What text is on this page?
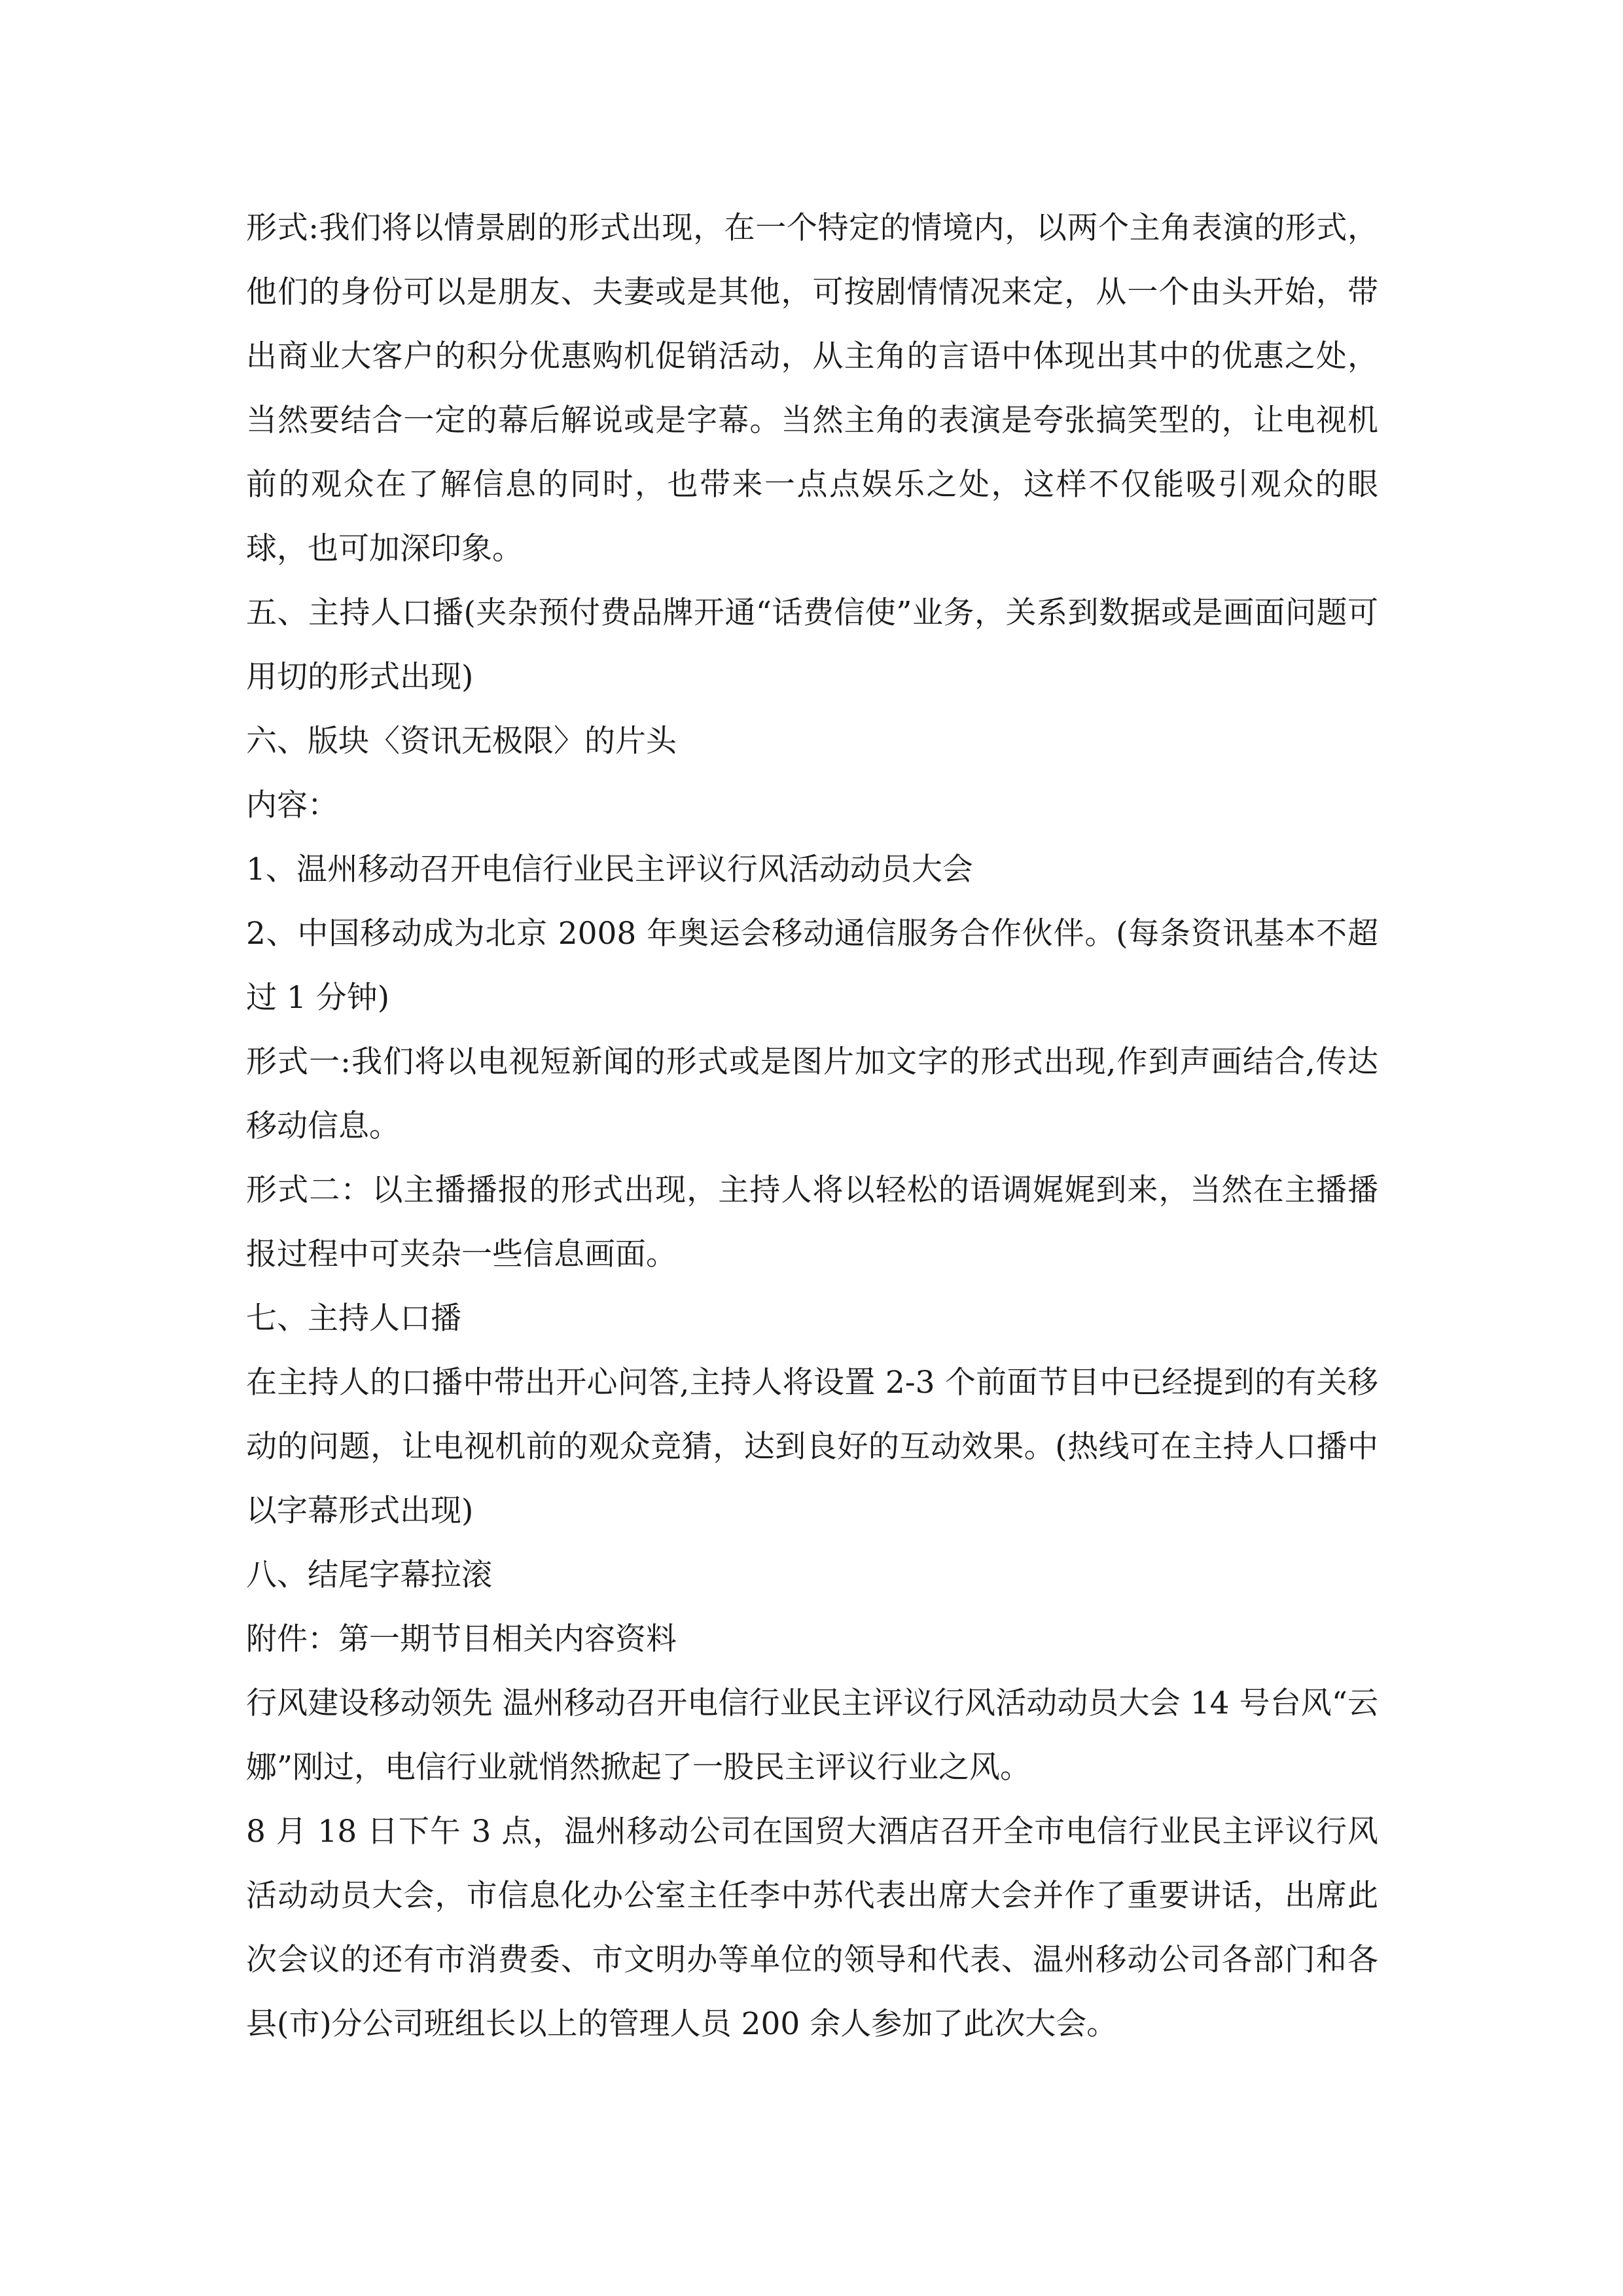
形式:我们将以情景剧的形式出现，在一个特定的情境内，以两个主角表演的形式，他们的身份可以是朋友、夫妻或是其他，可按剧情情况来定，从一个由头开始，带出商业大客户的积分优惠购机促销活动，从主角的言语中体现出其中的优惠之处，当然要结合一定的幕后解说或是字幕。当然主角的表演是夸张搞笑型的，让电视机前的观众在了解信息的同时，也带来一点点娱乐之处，这样不仅能吸引观众的眼球，也可加深印象。

五、主持人口播(夹杂预付费品牌开通“话费信使”业务，关系到数据或是画面问题可用切的形式出现)

六、版块〈资讯无极限〉的片头

内容：

1、温州移动召开电信行业民主评议行风活动动员大会

2、中国移动成为北京 2008 年奥运会移动通信服务合作伙伴。(每条资讯基本不超过 1 分钟)

形式一:我们将以电视短新闻的形式或是图片加文字的形式出现,作到声画结合,传达移动信息。

形式二：以主播播报的形式出现，主持人将以轻松的语调娓娓到来，当然在主播播报过程中可夹杂一些信息画面。

七、主持人口播

在主持人的口播中带出开心问答,主持人将设置 2-3 个前面节目中已经提到的有关移动的问题，让电视机前的观众竞猜，达到良好的互动效果。(热线可在主持人口播中以字幕形式出现)

八、结尾字幕拉滚

附件：第一期节目相关内容资料

行风建设移动领先 温州移动召开电信行业民主评议行风活动动员大会 14 号台风“云娜”刚过，电信行业就悄然掀起了一股民主评议行业之风。

8 月 18 日下午 3 点，温州移动公司在国贸大酒店召开全市电信行业民主评议行风活动动员大会，市信息化办公室主任李中苏代表出席大会并作了重要讲话，出席此次会议的还有市消费委、市文明办等单位的领导和代表、温州移动公司各部门和各县(市)分公司班组长以上的管理人员 200 余人参加了此次大会。
